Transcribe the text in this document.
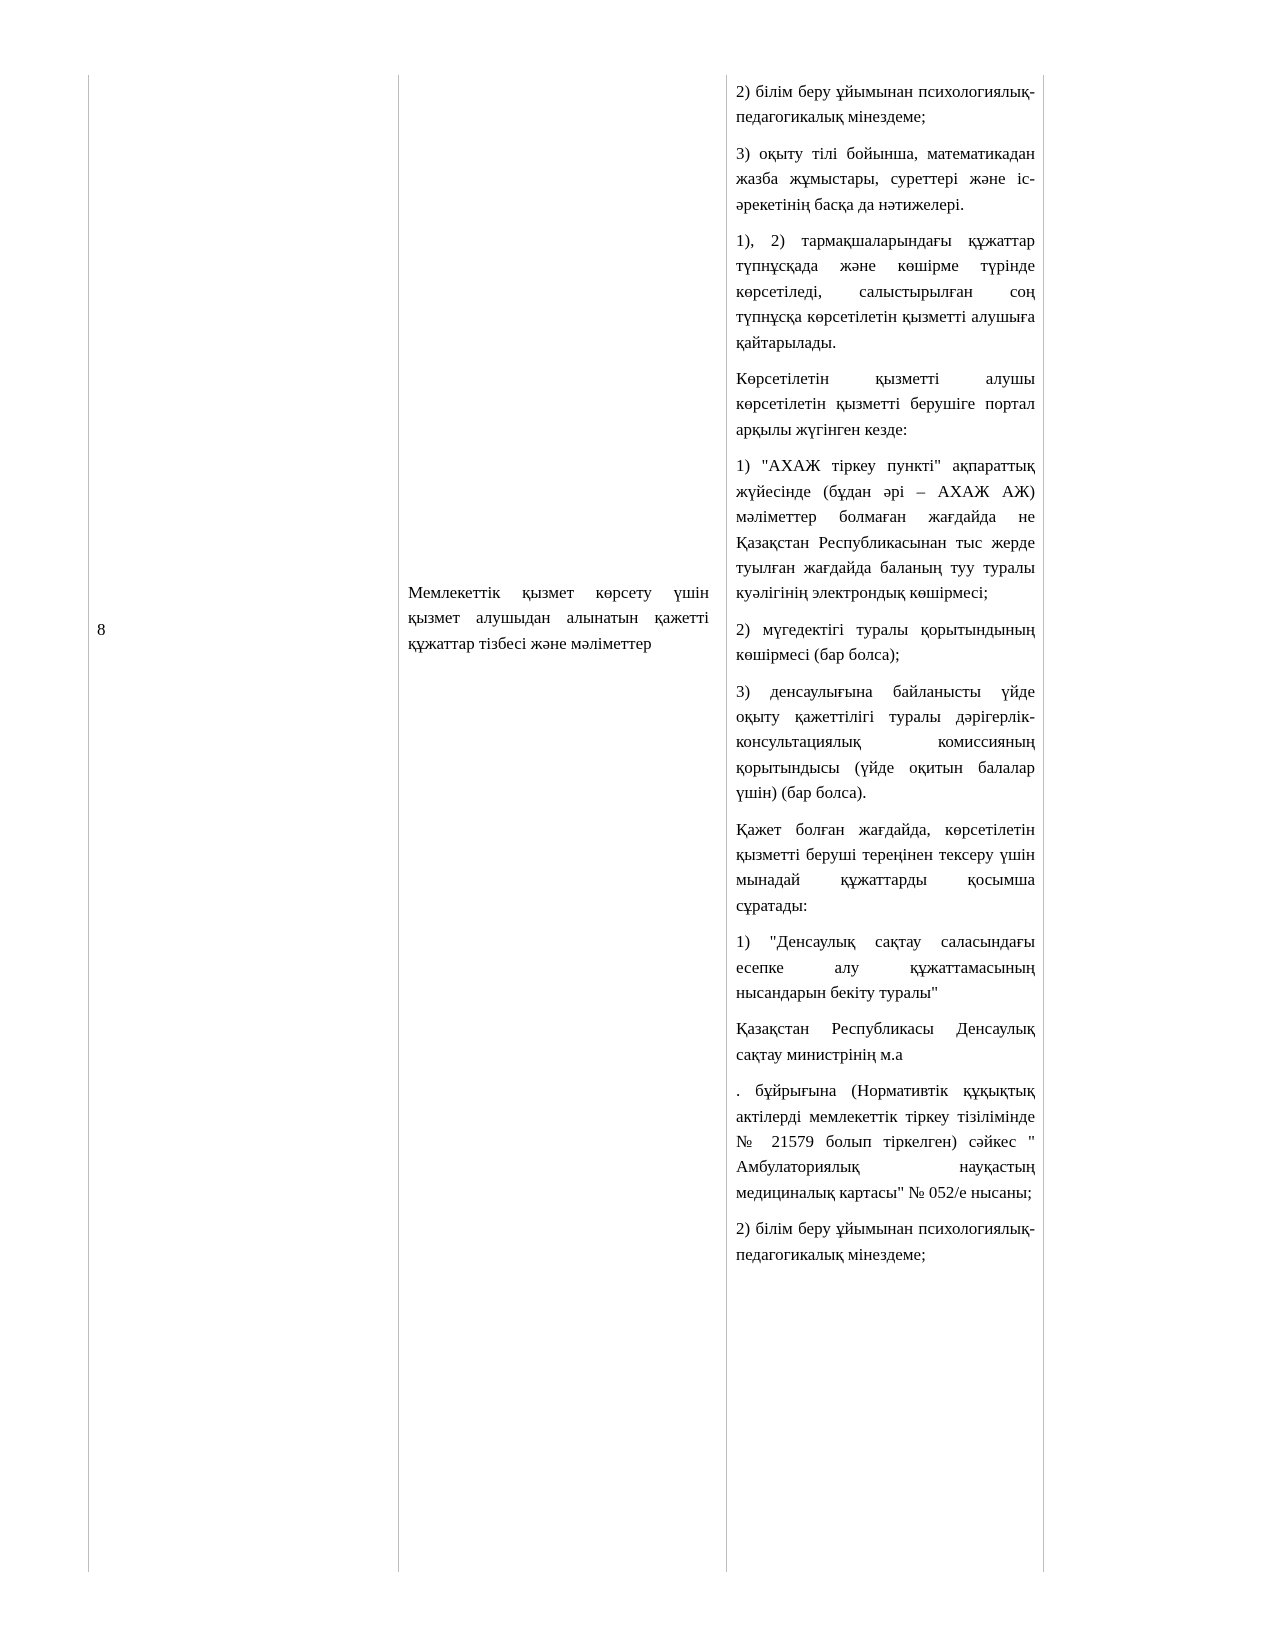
8
Мемлекеттік қызмет көрсету үшін қызмет алушыдан алынатын қажетті құжаттар тізбесі және мәліметтер

2) білім беру ұйымынан психологиялық-педагогикалық мінездеме;

3) оқыту тілі бойынша, математикадан жазба жұмыстары, суреттері және іс-әрекетінің басқа да нәтижелері.

1), 2) тармақшаларындағы құжаттар түпнұсқада және көшірме түрінде көрсетіледі, салыстырылған соң түпнұсқа көрсетілетін қызметті алушыға қайтарылады.

Көрсетілетін қызметті алушы көрсетілетін қызметті берушіге портал арқылы жүгінген кезде:

1) "АХАЖ тіркеу пункті" ақпараттық жүйесінде (бұдан әрі – АХАЖ АЖ) мәліметтер болмаған жағдайда не Қазақстан Республикасынан тыс жерде туылған жағдайда баланың туу туралы куәлігінің электрондық көшірмесі;

2) мүгедектігі туралы қорытындының көшірмесі (бар болса);

3) денсаулығына байланысты үйде оқыту қажеттілігі туралы дәрігерлік-консультациялық комиссияның қорытындысы (үйде оқитын балалар үшін) (бар болса).

Қажет болған жағдайда, көрсетілетін қызметті беруші тереңінен тексеру үшін мынадай құжаттарды қосымша сұратады:

1) "Денсаулық сақтау саласындағы есепке алу құжаттамасының нысандарын бекіту туралы"

Қазақстан Республикасы Денсаулық сақтау министрінің м.а

. бұйрығына (Нормативтік құқықтық актілерді мемлекеттік тіркеу тізілімінде № 21579 болып тіркелген) сәйкес " Амбулаториялық науқастың медициналық картасы" № 052/е нысаны;

2) білім беру ұйымынан психологиялық-педагогикалық мінездеме;
